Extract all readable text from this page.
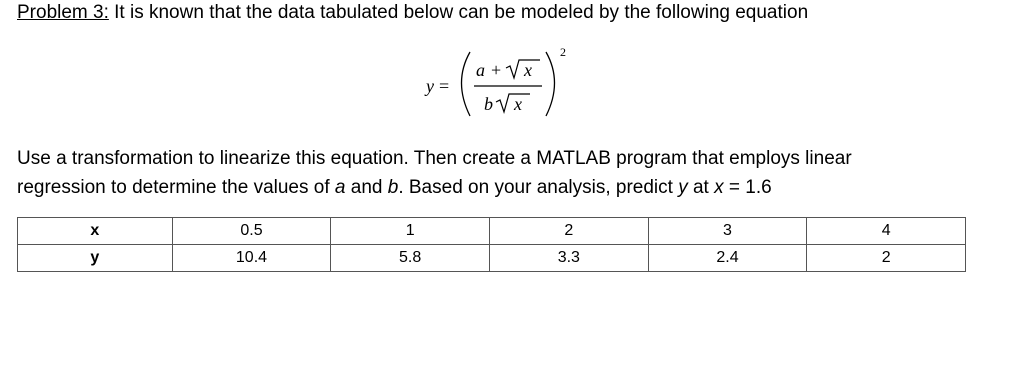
Problem 3: It is known that the data tabulated below can be modeled by the following equation
y =
a + x
b x
2
Use a transformation to linearize this equation. Then create a MATLAB program that employs linear
regression to determine the values of a and b. Based on your analysis, predict y at x = 1.6
x	0.5	1	2	3	4
y	10.4	5.8	3.3	2.4	2
